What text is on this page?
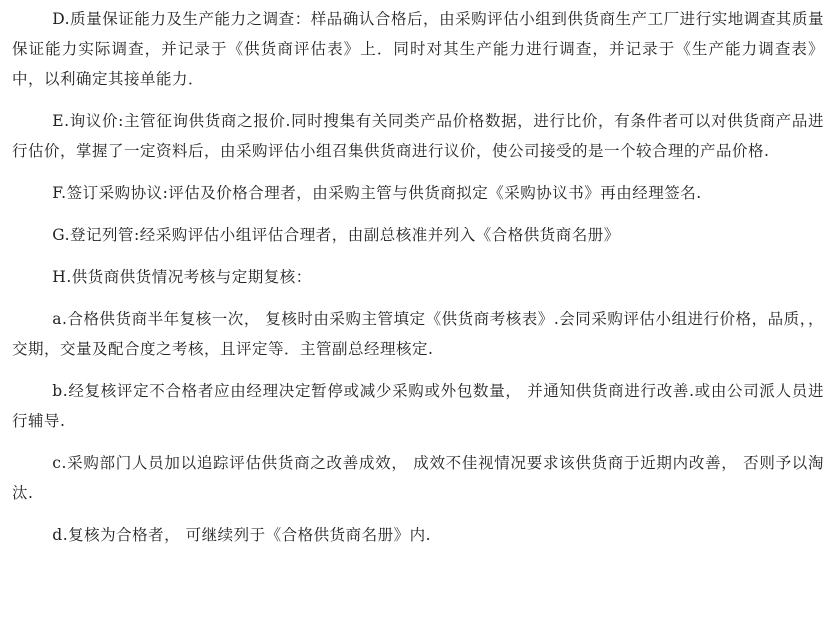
D.质量保证能力及生产能力之调查：样品确认合格后，由采购评估小组到供货商生产工厂进行实地调查其质量保证能力实际调查，并记录于《供货商评估表》上．同时对其生产能力进行调查，并记录于《生产能力调查表》中，以利确定其接单能力．

E.询议价:主管征询供货商之报价.同时搜集有关同类产品价格数据，进行比价，有条件者可以对供货商产品进行估价，掌握了一定资料后，由采购评估小组召集供货商进行议价，使公司接受的是一个较合理的产品价格.

F.签订采购协议:评估及价格合理者，由采购主管与供货商拟定《采购协议书》再由经理签名.

G.登记列管:经采购评估小组评估合理者，由副总核准并列入《合格供货商名册》

H.供货商供货情况考核与定期复核：

a.合格供货商半年复核一次， 复核时由采购主管填定《供货商考核表》.会同采购评估小组进行价格，品质，，交期，交量及配合度之考核，且评定等．主管副总经理核定.

b.经复核评定不合格者应由经理决定暂停或减少采购或外包数量， 并通知供货商进行改善.或由公司派人员进行辅导.

c.采购部门人员加以追踪评估供货商之改善成效， 成效不佳视情况要求该供货商于近期内改善， 否则予以淘汰.

d.复核为合格者， 可继续列于《合格供货商名册》内.
